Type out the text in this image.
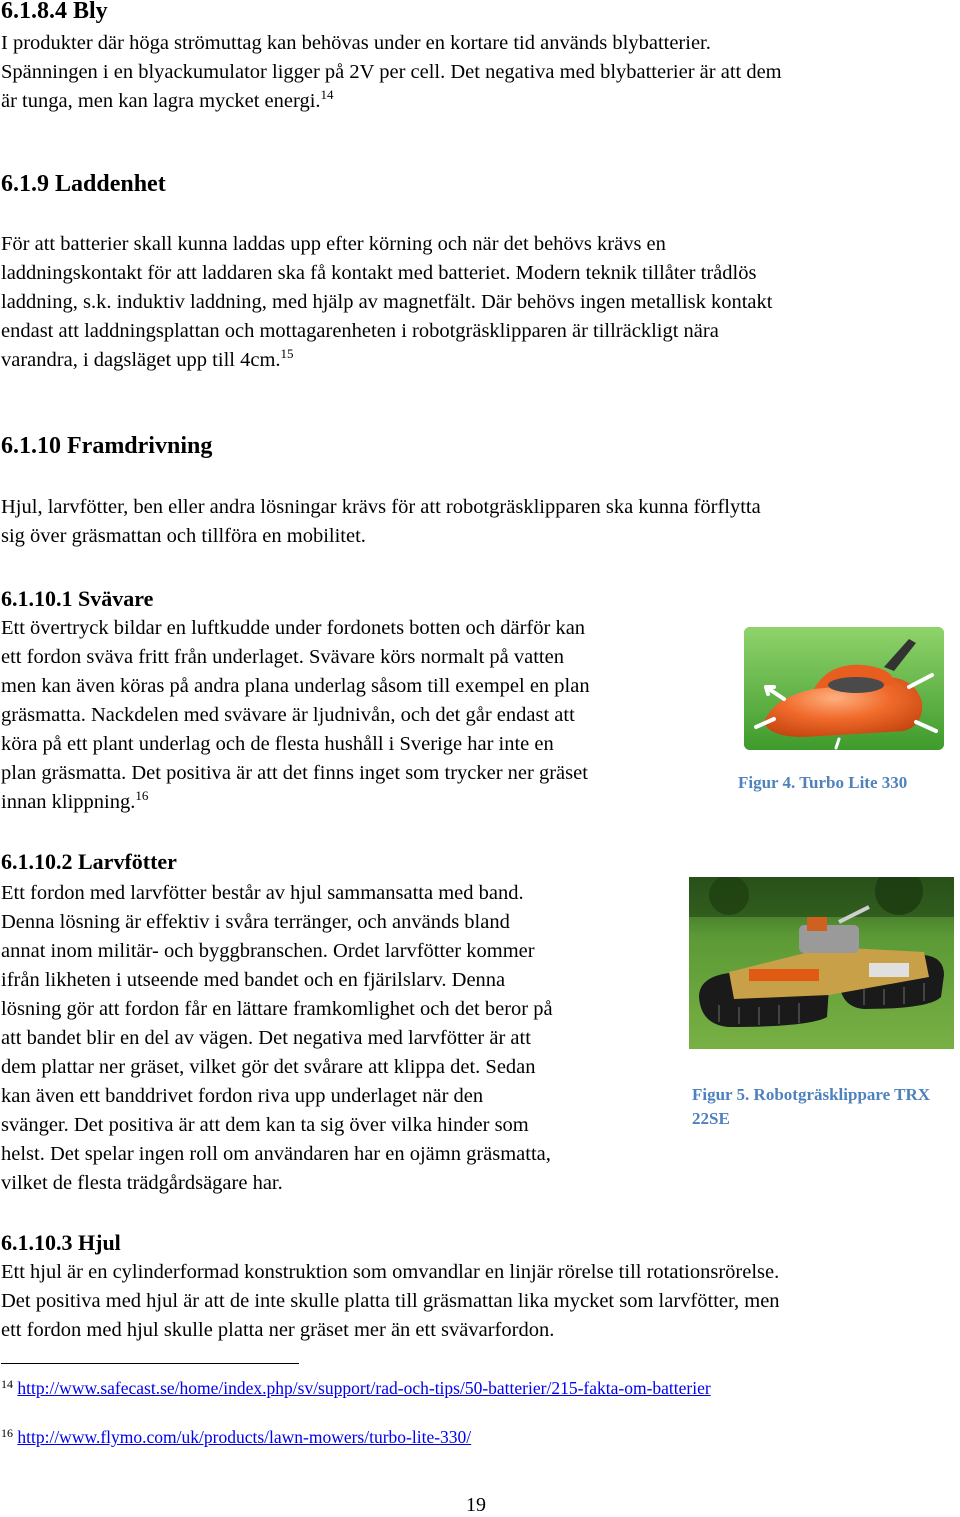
6.1.8.4 Bly
I produkter där höga strömuttag kan behövas under en kortare tid används blybatterier.
Spänningen i en blyackumulator ligger på 2V per cell. Det negativa med blybatterier är att dem
är tunga, men kan lagra mycket energi.$^{14}$
6.1.9 Laddenhet
För att batterier skall kunna laddas upp efter körning och när det behövs krävs en
laddningskontakt för att laddaren ska få kontakt med batteriet. Modern teknik tillåter trådlös
laddning, s.k. induktiv laddning, med hjälp av magnetfält. Där behövs ingen metallisk kontakt
endast att laddningsplattan och mottagarenheten i robotgräsklipparen är tillräckligt nära
varandra, i dagsläget upp till 4cm.$^{15}$
6.1.10 Framdrivning
Hjul, larvfötter, ben eller andra lösningar krävs för att robotgräsklipparen ska kunna förflytta
sig över gräsmattan och tillföra en mobilitet.
6.1.10.1 Svävare
Ett övertryck bildar en luftkudde under fordonets botten och därför kan
ett fordon sväva fritt från underlaget. Svävare körs normalt på vatten
men kan även köras på andra plana underlag såsom till exempel en plan
gräsmatta. Nackdelen med svävare är ljudnivån, och det går endast att
köra på ett plant underlag och de flesta hushåll i Sverige har inte en
plan gräsmatta. Det positiva är att det finns inget som trycker ner gräset
innan klippning.$^{16}$
Figur 4. Turbo Lite 330
6.1.10.2 Larvfötter
Ett fordon med larvfötter består av hjul sammansatta med band.
Denna lösning är effektiv i svåra terränger, och används bland
annat inom militär- och byggbranschen. Ordet larvfötter kommer
ifrån likheten i utseende med bandet och en fjärilslarv. Denna
lösning gör att fordon får en lättare framkomlighet och det beror på
att bandet blir en del av vägen. Det negativa med larvfötter är att
dem plattar ner gräset, vilket gör det svårare att klippa det. Sedan
kan även ett banddrivet fordon riva upp underlaget när den
svänger. Det positiva är att dem kan ta sig över vilka hinder som
helst. Det spelar ingen roll om användaren har en ojämn gräsmatta,
vilket de flesta trädgårdsägare har.
Figur 5. Robotgräsklippare TRX
22SE
6.1.10.3 Hjul
Ett hjul är en cylinderformad konstruktion som omvandlar en linjär rörelse till rotationsrörelse.
Det positiva med hjul är att de inte skulle platta till gräsmattan lika mycket som larvfötter, men
ett fordon med hjul skulle platta ner gräset mer än ett svävarfordon.
$^{14}$ http://www.safecast.se/home/index.php/sv/support/rad-och-tips/50-batterier/215-fakta-om-batterier
$^{16}$ http://www.flymo.com/uk/products/lawn-mowers/turbo-lite-330/
19
